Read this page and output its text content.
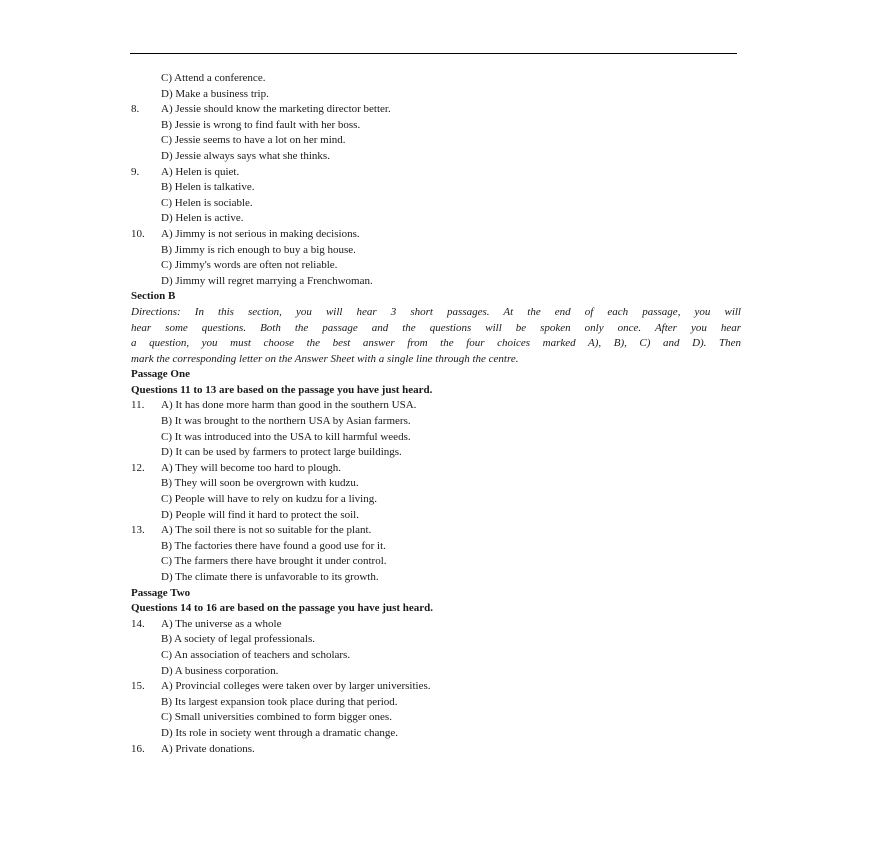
C) Attend a conference.
D) Make a business trip.
8.	A) Jessie should know the marketing director better.
B) Jessie is wrong to find fault with her boss.
C) Jessie seems to have a lot on her mind.
D) Jessie always says what she thinks.
9.	A) Helen is quiet.
B) Helen is talkative.
C) Helen is sociable.
D) Helen is active.
10.	A) Jimmy is not serious in making decisions.
B) Jimmy is rich enough to buy a big house.
C) Jimmy's words are often not reliable.
D) Jimmy will regret marrying a Frenchwoman.
Section B
Directions: In this section, you will hear 3 short passages. At the end of each passage, you will
hear some questions. Both the passage and the questions will be spoken only once. After you hear
a question, you must choose the best answer from the four choices marked A), B), C) and D). Then
mark the corresponding letter on the Answer Sheet with a single line through the centre.
Passage One
Questions 11 to 13 are based on the passage you have just heard.
11.	A) It has done more harm than good in the southern USA.
B) It was brought to the northern USA by Asian farmers.
C) It was introduced into the USA to kill harmful weeds.
D) It can be used by farmers to protect large buildings.
12.	A) They will become too hard to plough.
B) They will soon be overgrown with kudzu.
C) People will have to rely on kudzu for a living.
D) People will find it hard to protect the soil.
13.	A) The soil there is not so suitable for the plant.
B) The factories there have found a good use for it.
C) The farmers there have brought it under control.
D) The climate there is unfavorable to its growth.
Passage Two
Questions 14 to 16 are based on the passage you have just heard.
14.	A) The universe as a whole
B) A society of legal professionals.
C) An association of teachers and scholars.
D) A business corporation.
15.	A) Provincial colleges were taken over by larger universities.
B) Its largest expansion took place during that period.
C) Small universities combined to form bigger ones.
D) Its role in society went through a dramatic change.
16.	A) Private donations.
